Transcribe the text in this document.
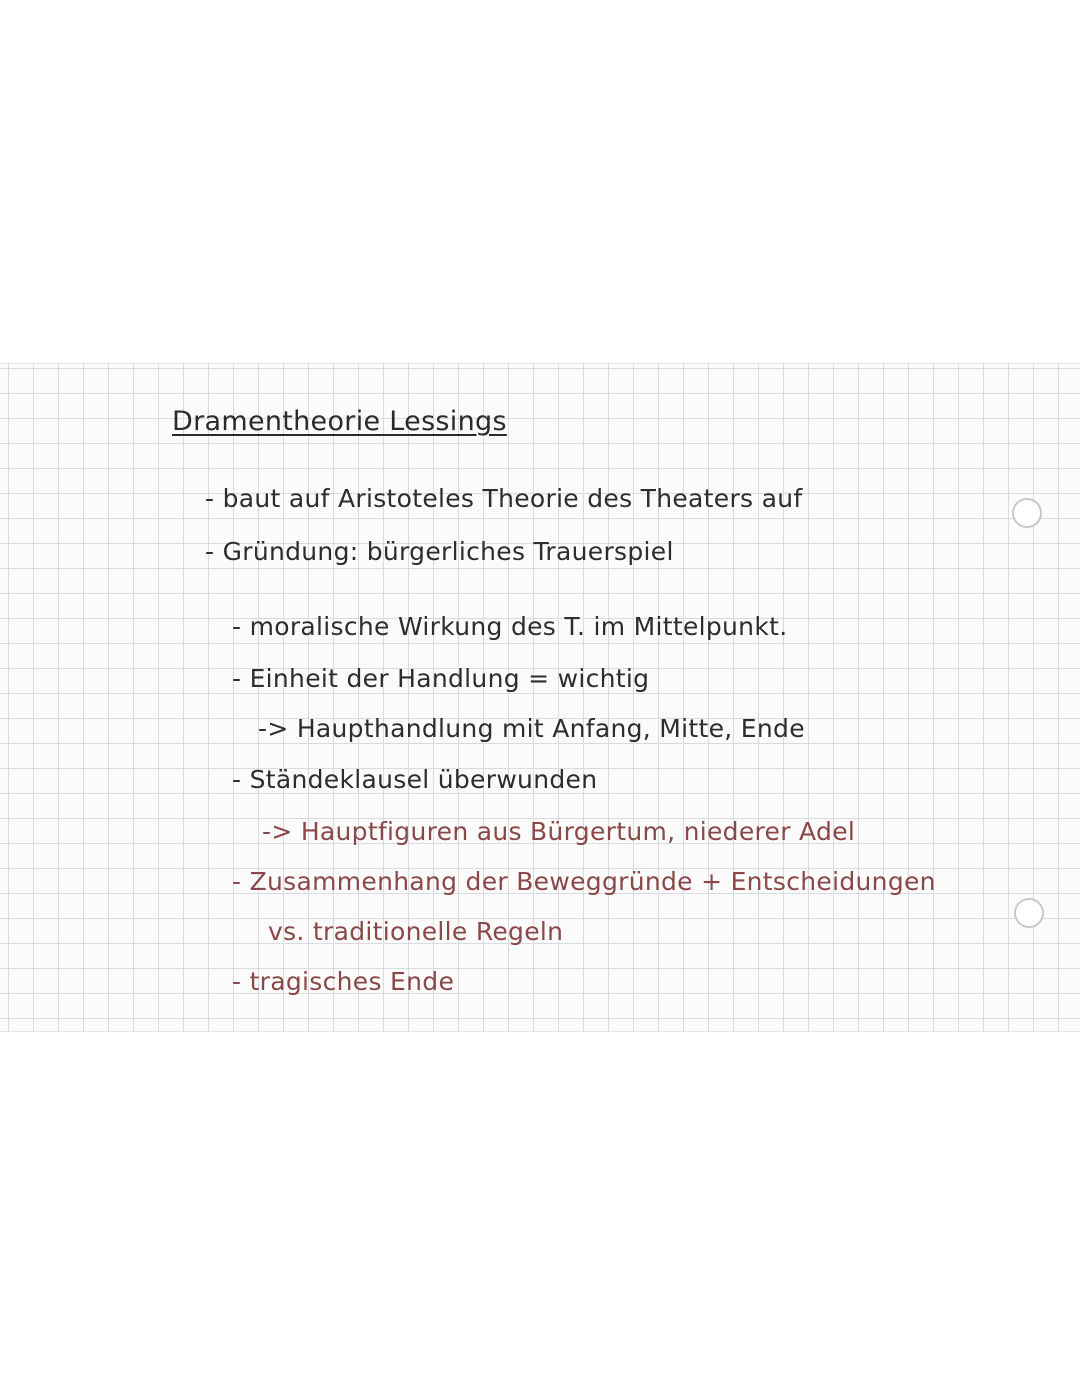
Dramentheorie Lessings
- baut auf Aristoteles Theorie des Theaters auf
- Gründung: bürgerliches Trauerspiel
- moralische Wirkung des T. im Mittelpunkt.
- Einheit der Handlung = wichtig
-> Haupthandlung mit Anfang, Mitte, Ende
- Ständeklausel überwunden
-> Hauptfiguren aus Bürgertum, niederer Adel
- Zusammenhang der Beweggründe + Entscheidungen
vs. traditionelle Regeln
- tragisches Ende
